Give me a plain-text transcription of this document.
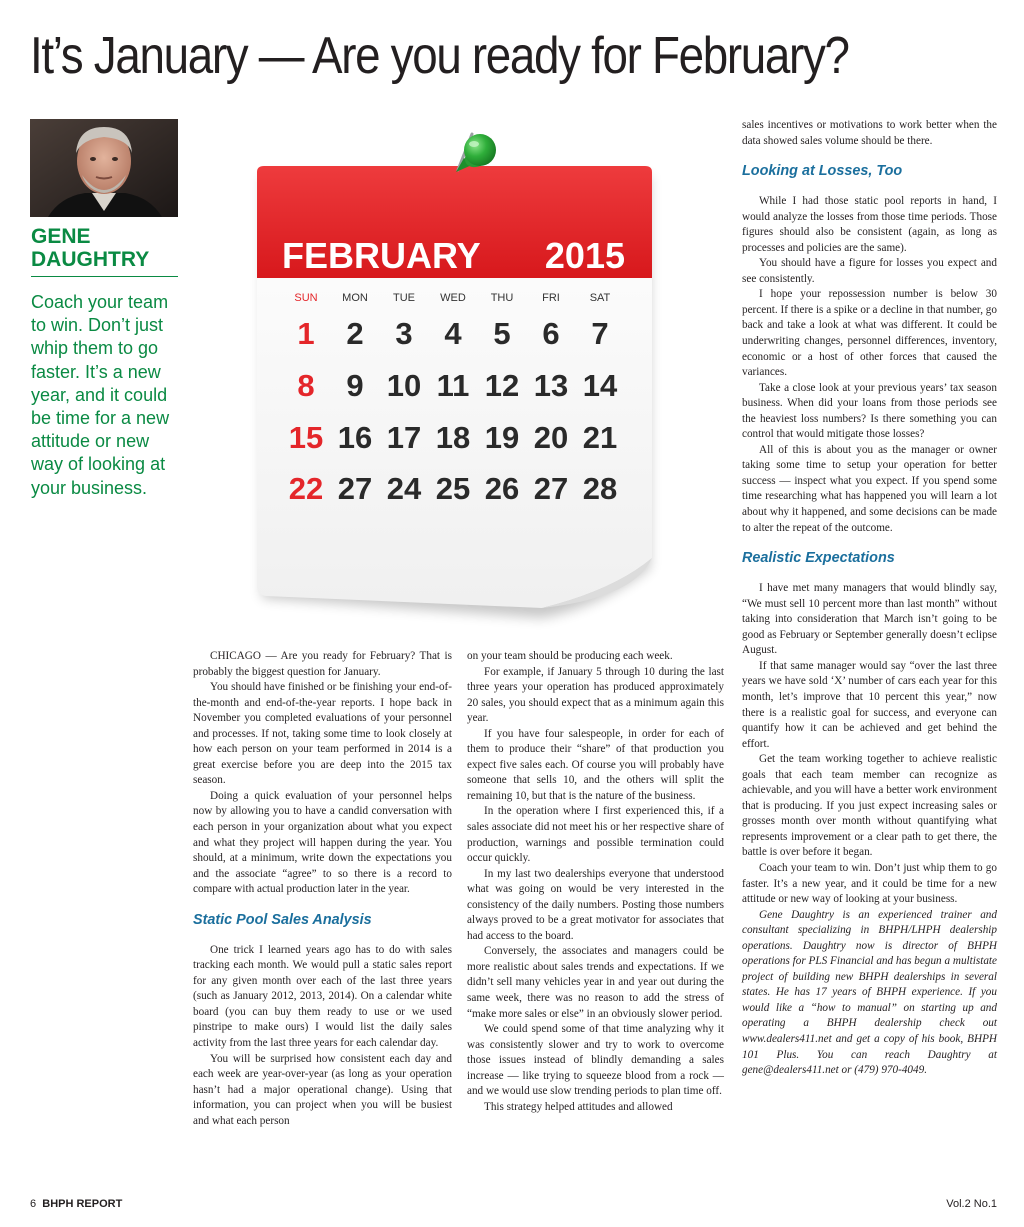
It’s January — Are you ready for February?
GENE
DAUGHTRY
Coach your team to win. Don’t just whip them to go faster. It’s a new year, and it could be time for a new attitude or new way of looking at your business.
FEBRUARY 2015
SUN MON TUE WED THU	FRI	SAT
1 2 3 4 5 6 7
8 9 10 11 12 13 14
15 16 17 18 19 20 21
22 27 24 25 26 27 28

CHICAGO — Are you ready for February? That is probably the biggest question for January.

You should have finished or be finishing your end-of-the-month and end-of-the-year reports. I hope back in November you completed evaluations of your personnel and processes. If not, taking some time to look closely at how each person on your team performed in 2014 is a great exercise before you are deep into the 2015 tax season.

Doing a quick evaluation of your personnel helps now by allowing you to have a candid conversation with each person in your organization about what you expect and what they project will happen during the year. You should, at a minimum, write down the expectations you and the associate “agree” to so there is a record to compare with actual production later in the year.

Static Pool Sales Analysis

One trick I learned years ago has to do with sales tracking each month. We would pull a static sales report for any given month over each of the last three years (such as January 2012, 2013, 2014). On a calendar white board (you can buy them ready to use or we used pinstripe to make ours) I would list the daily sales activity from the last three years for each calendar day.

You will be surprised how consistent each day and each week are year-over-year (as long as your operation hasn’t had a major operational change). Using that information, you can project when you will be busiest and what each person

on your team should be producing each week.

For example, if January 5 through 10 during the last three years your operation has produced approximately 20 sales, you should expect that as a minimum again this year.

If you have four salespeople, in order for each of them to produce their “share” of that production you expect five sales each. Of course you will probably have someone that sells 10, and the others will split the remaining 10, but that is the nature of the business.

In the operation where I first experienced this, if a sales associate did not meet his or her respective share of production, warnings and possible termination could occur quickly.

In my last two dealerships everyone that understood what was going on would be very interested in the consistency of the daily numbers. Posting those numbers always proved to be a great motivator for associates that had access to the board.

Conversely, the associates and managers could be more realistic about sales trends and expectations. If we didn’t sell many vehicles year in and year out during the same week, there was no reason to add the stress of “make more sales or else” in an obviously slower period.

We could spend some of that time analyzing why it was consistently slower and try to work to overcome those issues instead of blindly demanding a sales increase — like trying to squeeze blood from a rock — and we would use slow trending periods to plan time off.

This strategy helped attitudes and allowed

sales incentives or motivations to work better when the data showed sales volume should be there.

Looking at Losses, Too

While I had those static pool reports in hand, I would analyze the losses from those time periods. Those figures should also be consistent (again, as long as processes and policies are the same).

You should have a figure for losses you expect and see consistently.

I hope your repossession number is below 30 percent. If there is a spike or a decline in that number, go back and take a look at what was different. It could be underwriting changes, personnel differences, inventory, economic or a host of other forces that caused the variances.

Take a close look at your previous years’ tax season business. When did your loans from those periods see the heaviest loss numbers? Is there something you can control that would mitigate those losses?

All of this is about you as the manager or owner taking some time to setup your operation for better success — inspect what you expect. If you spend some time researching what has happened you will learn a lot about why it happened, and some decisions can be made to alter the repeat of the outcome.

Realistic Expectations

I have met many managers that would blindly say, “We must sell 10 percent more than last month” without taking into consideration that March isn’t going to be good as February or September generally doesn’t eclipse August.

If that same manager would say “over the last three years we have sold ‘X’ number of cars each year for this month, let’s improve that 10 percent this year,” now there is a realistic goal for success, and everyone can quantify how it can be achieved and get behind the effort.

Get the team working together to achieve realistic goals that each team member can recognize as achievable, and you will have a better work environment that is producing. If you just expect increasing sales or grosses month over month without quantifying what represents improvement or a clear path to get there, the battle is over before it began.

Coach your team to win. Don’t just whip them to go faster. It’s a new year, and it could be time for a new attitude or new way of looking at your business.

Gene Daughtry is an experienced trainer and consultant specializing in BHPH/LHPH dealership operations. Daughtry now is director of BHPH operations for PLS Financial and has begun a multistate project of building new BHPH dealerships in several states. He has 17 years of BHPH experience. If you would like a “how to manual” on starting up and operating a BHPH dealership check out www.dealers411.net and get a copy of his book, BHPH 101 Plus. You can reach Daughtry at gene@dealers411.net or (479) 970-4049.

6 BHPH REPORT	Vol.2 No.1
